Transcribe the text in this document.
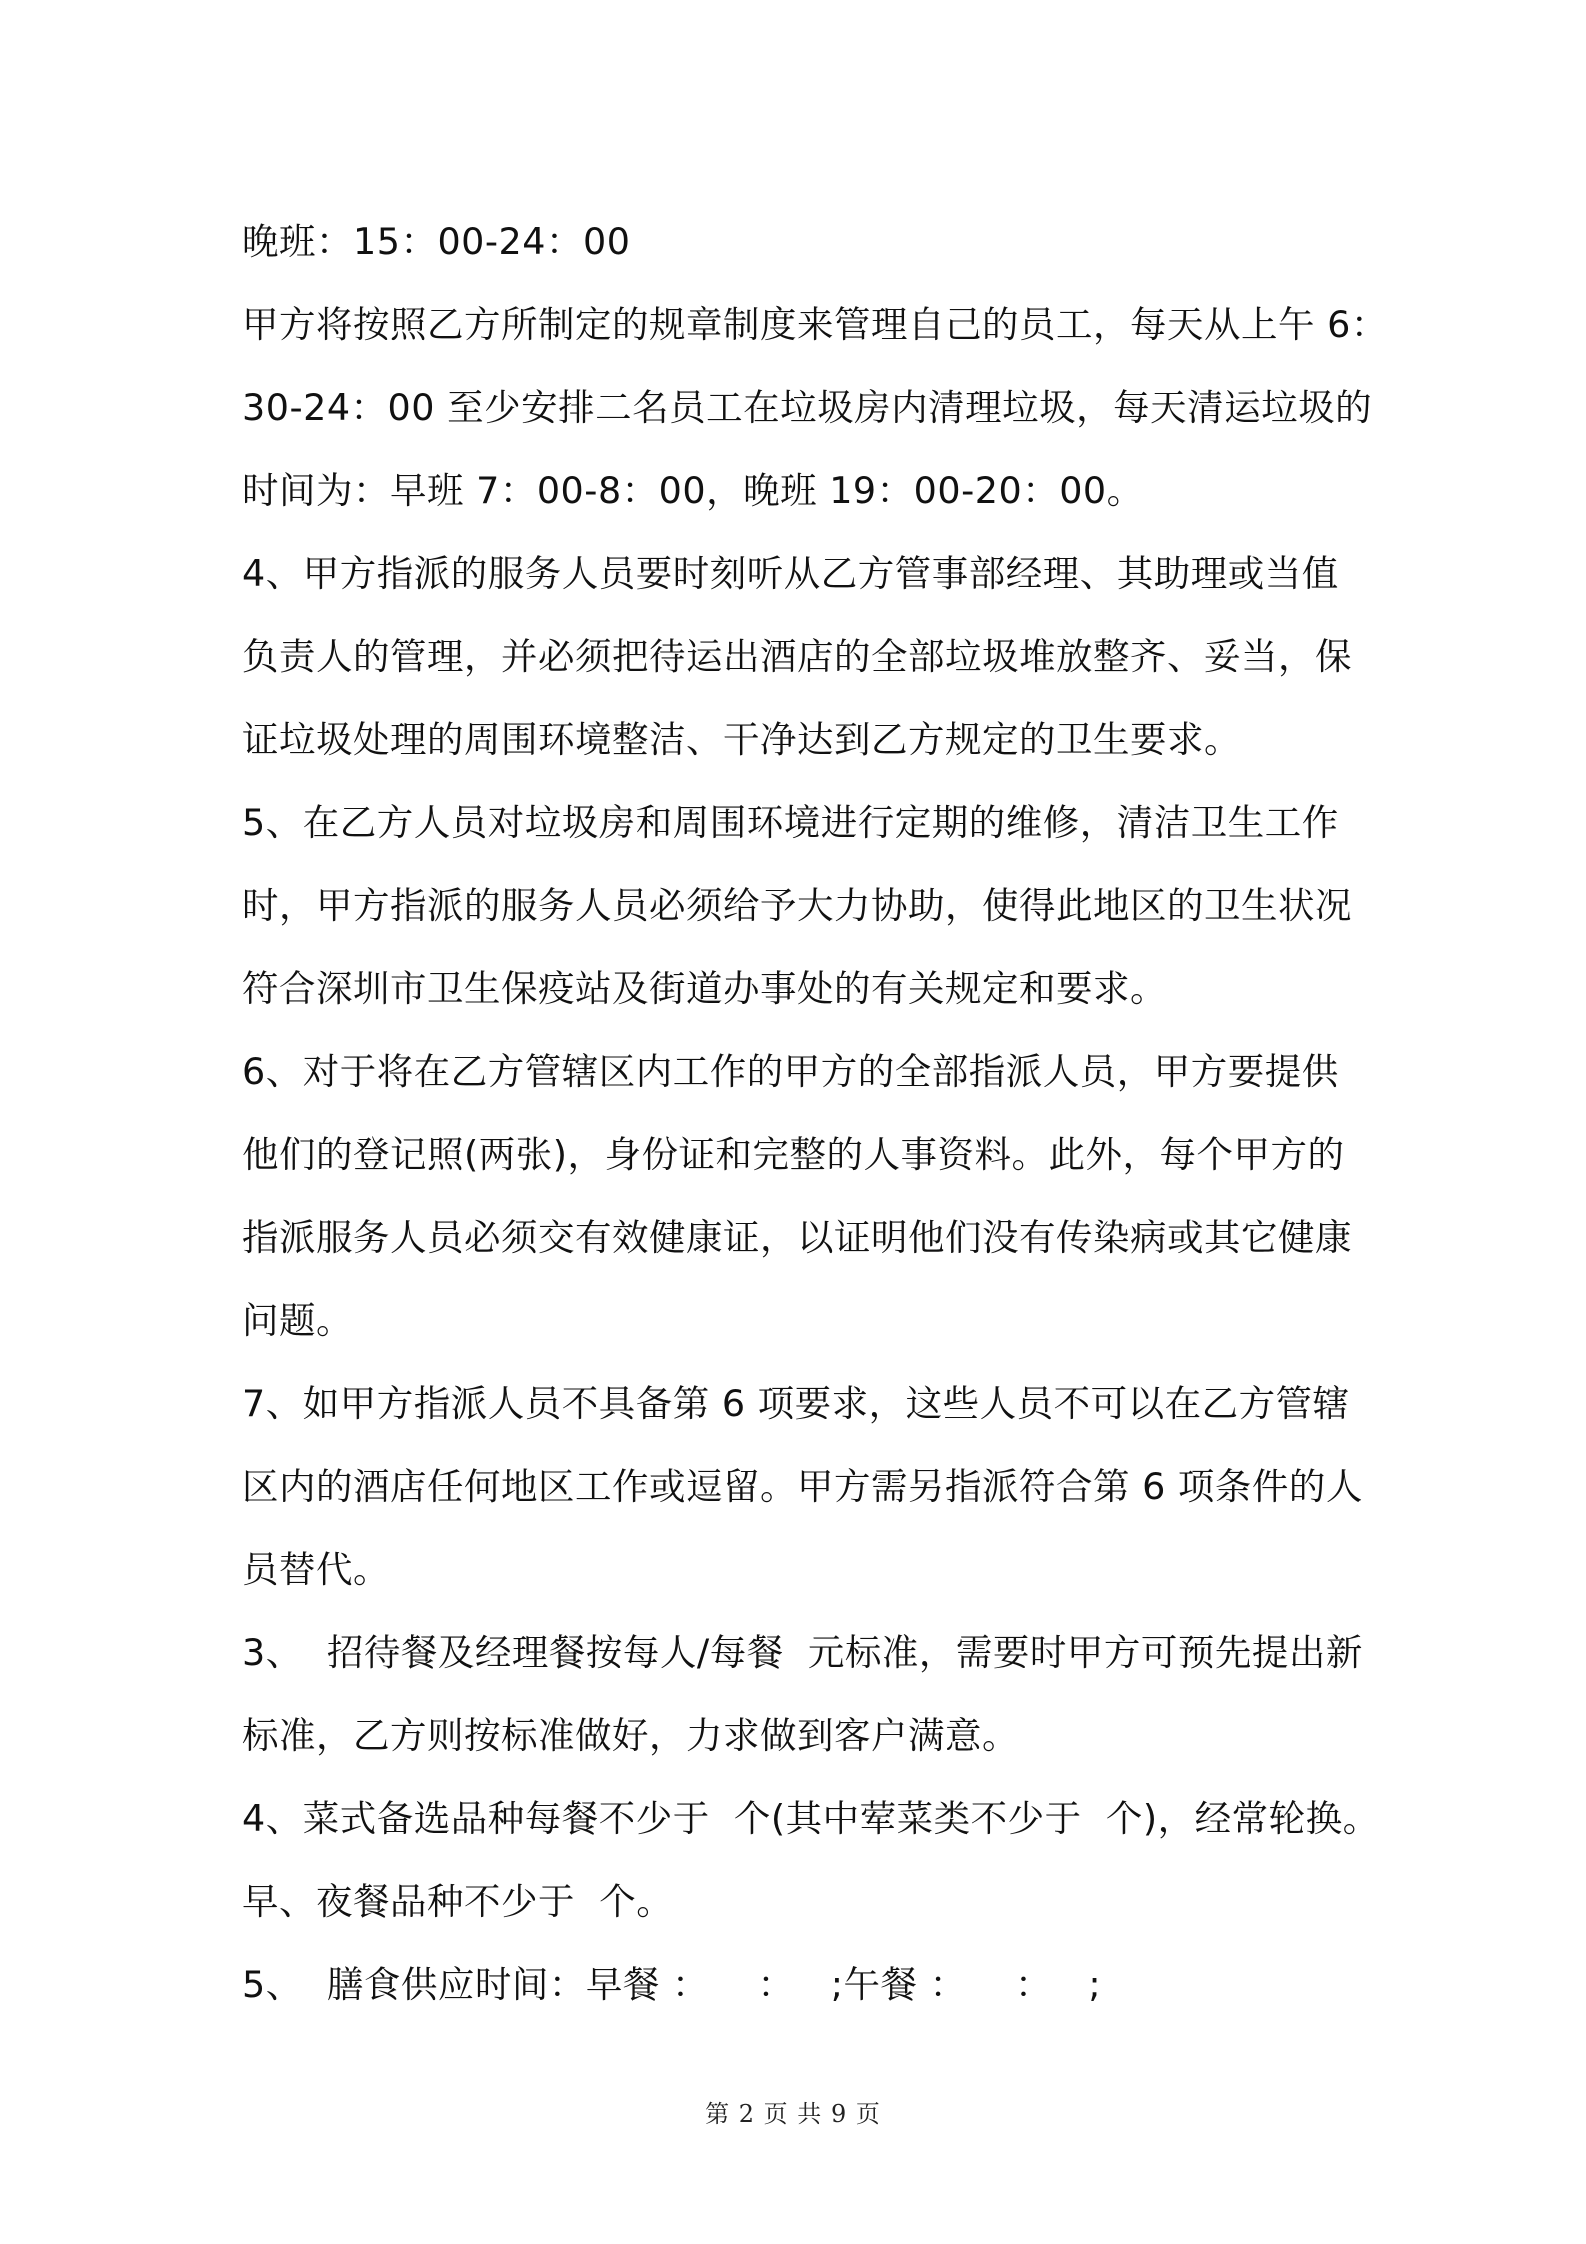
晚班：15：00-24：00
甲方将按照乙方所制定的规章制度来管理自己的员工，每天从上午 6：
30-24：00 至少安排二名员工在垃圾房内清理垃圾，每天清运垃圾的
时间为：早班 7：00-8：00，晚班 19：00-20：00。
4、甲方指派的服务人员要时刻听从乙方管事部经理、其助理或当值
负责人的管理，并必须把待运出酒店的全部垃圾堆放整齐、妥当，保
证垃圾处理的周围环境整洁、干净达到乙方规定的卫生要求。
5、在乙方人员对垃圾房和周围环境进行定期的维修，清洁卫生工作
时，甲方指派的服务人员必须给予大力协助，使得此地区的卫生状况
符合深圳市卫生保疫站及街道办事处的有关规定和要求。
6、对于将在乙方管辖区内工作的甲方的全部指派人员，甲方要提供
他们的登记照(两张)，身份证和完整的人事资料。此外，每个甲方的
指派服务人员必须交有效健康证，以证明他们没有传染病或其它健康
问题。
7、如甲方指派人员不具备第 6 项要求，这些人员不可以在乙方管辖
区内的酒店任何地区工作或逗留。甲方需另指派符合第 6 项条件的人
员替代。
3、  招待餐及经理餐按每人/每餐  元标准，需要时甲方可预先提出新
标准，乙方则按标准做好，力求做到客户满意。
4、菜式备选品种每餐不少于  个(其中荤菜类不少于  个)，经常轮换。
早、夜餐品种不少于  个。
5、  膳食供应时间：早餐 ：    ：   ;午餐 ：    ：   ;
第 2 页 共 9 页
